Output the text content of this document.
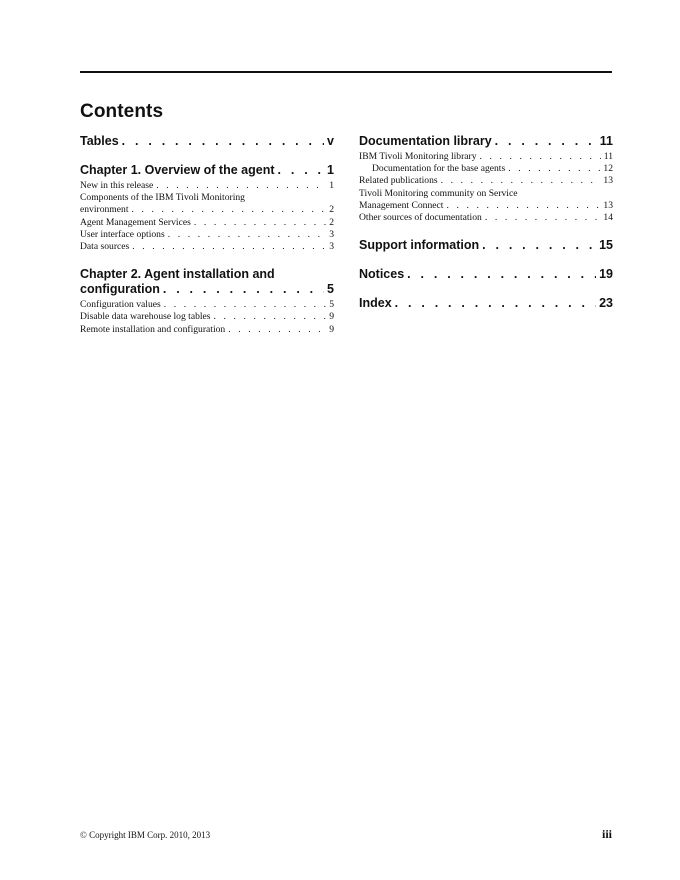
Contents
Tables . . .	v
Chapter 1. Overview of the agent . . .	1
New in this release . . .	1
Components of the IBM Tivoli Monitoring
environment . . .	2
Agent Management Services . . .	2
User interface options . . .	3
Data sources . . .	3
Chapter 2. Agent installation and
configuration . . .	5
Configuration values . . .	5
Disable data warehouse log tables . . .	9
Remote installation and configuration . . .	9
Documentation library . . .	11
IBM Tivoli Monitoring library . . .	11
Documentation for the base agents . . .	12
Related publications . . .	13
Tivoli Monitoring community on Service
Management Connect . . .	13
Other sources of documentation . . .	14
Support information . . .	15
Notices . . .	19
Index . . .	23
© Copyright IBM Corp. 2010, 2013	iii
